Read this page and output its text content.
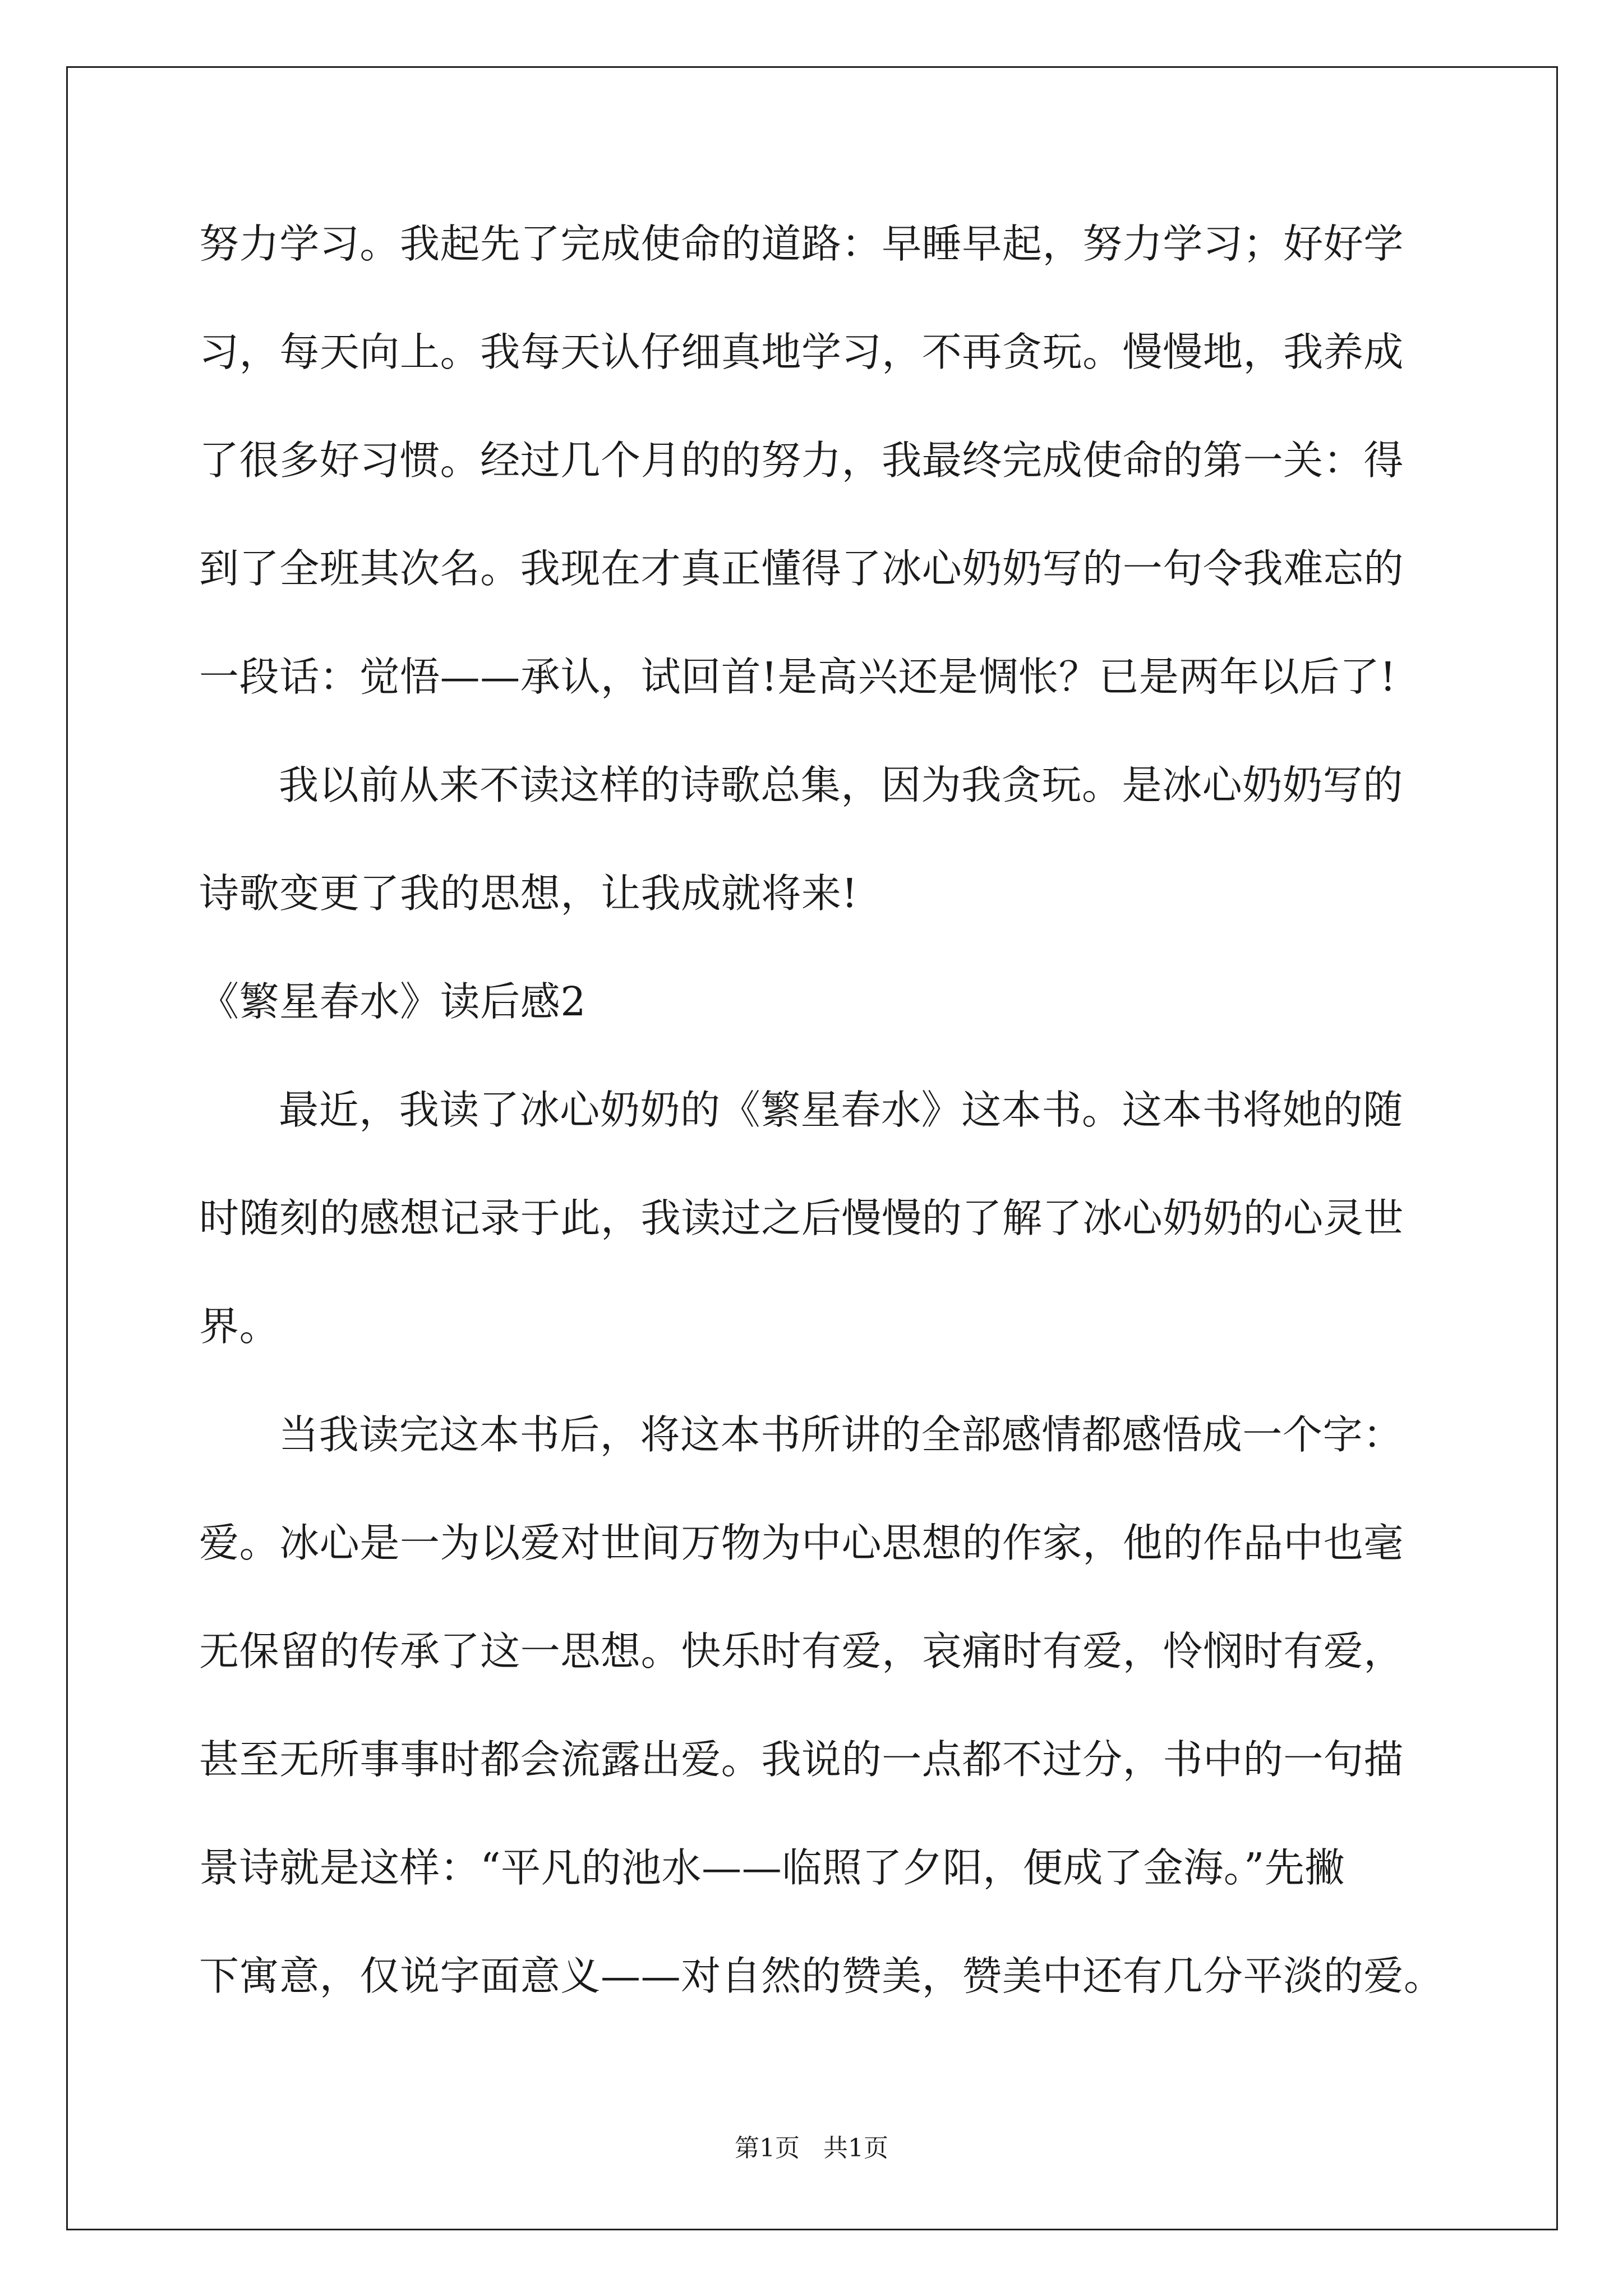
努力学习。我起先了完成使命的道路：早睡早起，努力学习；好好学
习，每天向上。我每天认仔细真地学习，不再贪玩。慢慢地，我养成
了很多好习惯。经过几个月的的努力，我最终完成使命的第一关：得
到了全班其次名。我现在才真正懂得了冰心奶奶写的一句令我难忘的
一段话：觉悟——承认，试回首!是高兴还是惆怅？已是两年以后了!
我以前从来不读这样的诗歌总集，因为我贪玩。是冰心奶奶写的
诗歌变更了我的思想，让我成就将来!
《繁星春水》读后感2
最近，我读了冰心奶奶的《繁星春水》这本书。这本书将她的随
时随刻的感想记录于此，我读过之后慢慢的了解了冰心奶奶的心灵世
界。
当我读完这本书后，将这本书所讲的全部感情都感悟成一个字：
爱。冰心是一为以爱对世间万物为中心思想的作家，他的作品中也毫
无保留的传承了这一思想。快乐时有爱，哀痛时有爱，怜悯时有爱，
甚至无所事事时都会流露出爱。我说的一点都不过分，书中的一句描
景诗就是这样：“平凡的池水——临照了夕阳，便成了金海。”先撇
下寓意，仅说字面意义——对自然的赞美，赞美中还有几分平淡的爱。
第1页 共1页
